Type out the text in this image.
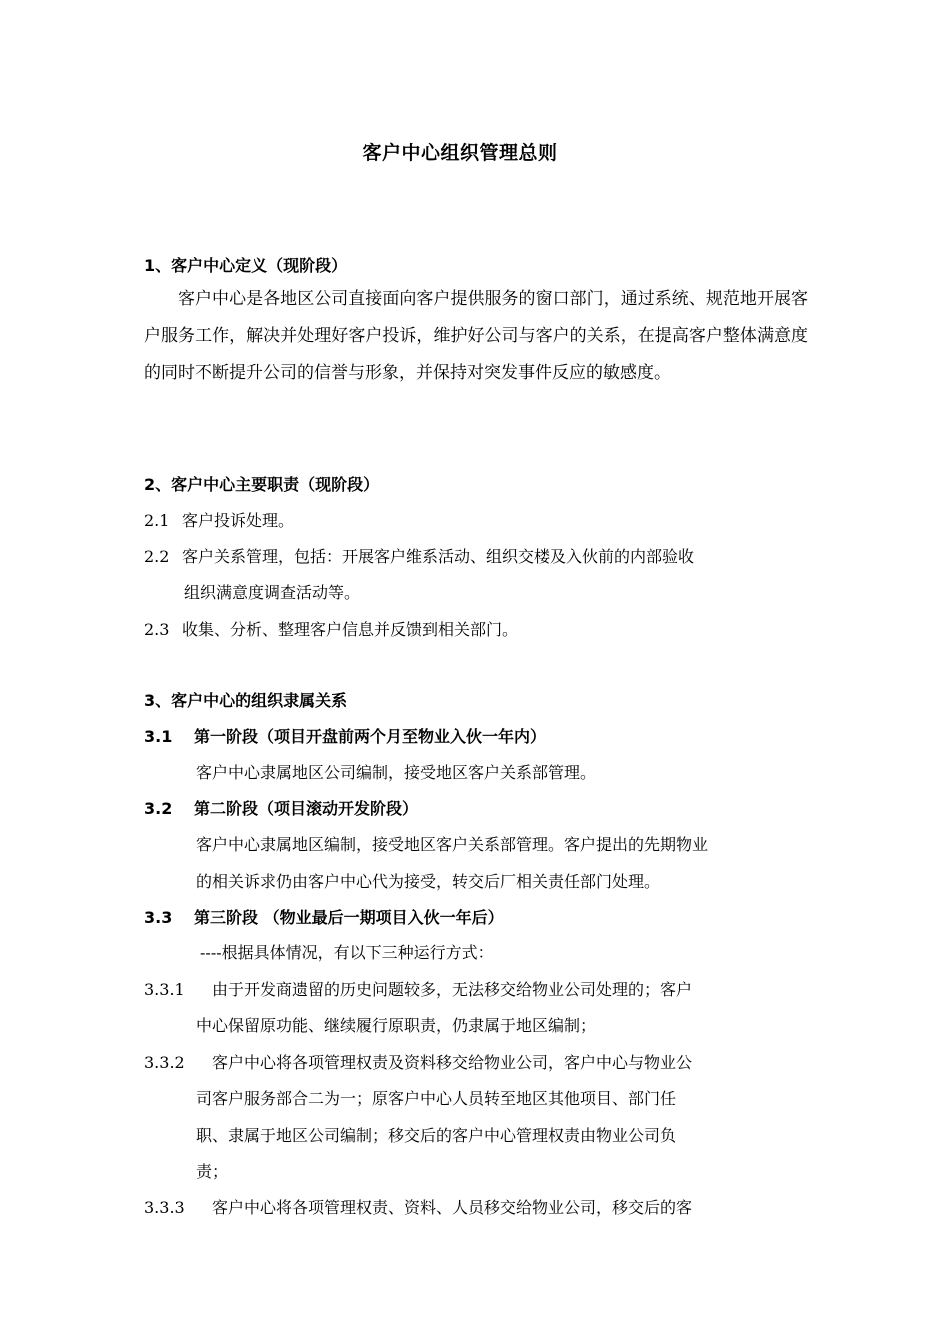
客户中心组织管理总则
1、客户中心定义（现阶段）

客户中心是各地区公司直接面向客户提供服务的窗口部门，通过系统、规范地开展客户服务工作，解决并处理好客户投诉，维护好公司与客户的关系，在提高客户整体满意度的同时不断提升公司的信誉与形象，并保持对突发事件反应的敏感度。

2、客户中心主要职责（现阶段）
2.1 客户投诉处理。
2.2 客户关系管理，包括：开展客户维系活动、组织交楼及入伙前的内部验收
组织满意度调查活动等。
2.3 收集、分析、整理客户信息并反馈到相关部门。
3、客户中心的组织隶属关系
3.1 第一阶段（项目开盘前两个月至物业入伙一年内）
客户中心隶属地区公司编制，接受地区客户关系部管理。
3.2 第二阶段（项目滚动开发阶段）
客户中心隶属地区编制，接受地区客户关系部管理。客户提出的先期物业
的相关诉求仍由客户中心代为接受，转交后厂相关责任部门处理。
3.3 第三阶段 （物业最后一期项目入伙一年后）
----根据具体情况，有以下三种运行方式：
3.3.1 由于开发商遗留的历史问题较多，无法移交给物业公司处理的；客户
中心保留原功能、继续履行原职责，仍隶属于地区编制；
3.3.2 客户中心将各项管理权责及资料移交给物业公司，客户中心与物业公
司客户服务部合二为一；原客户中心人员转至地区其他项目、部门任
职、隶属于地区公司编制；移交后的客户中心管理权责由物业公司负
责；
3.3.3 客户中心将各项管理权责、资料、人员移交给物业公司，移交后的客
